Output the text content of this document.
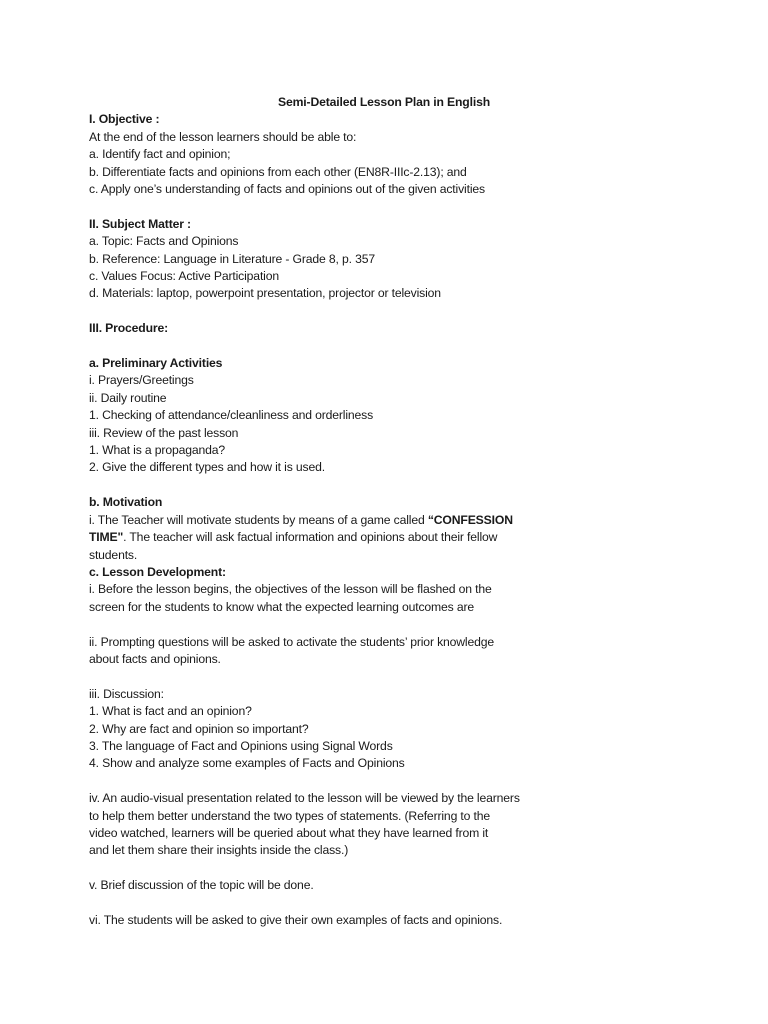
Semi-Detailed Lesson Plan in English
I. Objective :
At the end of the lesson learners should be able to:
a. Identify fact and opinion;
b. Differentiate facts and opinions from each other (EN8R-IIIc-2.13); and
c. Apply one’s understanding of facts and opinions out of the given activities
II. Subject Matter :
a. Topic: Facts and Opinions
b. Reference: Language in Literature - Grade 8, p. 357
c. Values Focus: Active Participation
d. Materials: laptop, powerpoint presentation, projector or television
III. Procedure:
a. Preliminary Activities
i. Prayers/Greetings
ii. Daily routine
1. Checking of attendance/cleanliness and orderliness
iii. Review of the past lesson
1. What is a propaganda?
2. Give the different types and how it is used.
b. Motivation
i. The Teacher will motivate students by means of a game called “CONFESSION
TIME". The teacher will ask factual information and opinions about their fellow
students.
c. Lesson Development:
i. Before the lesson begins, the objectives of the lesson will be flashed on the
screen for the students to know what the expected learning outcomes are
ii. Prompting questions will be asked to activate the students’ prior knowledge
about facts and opinions.
iii. Discussion:
1. What is fact and an opinion?
2. Why are fact and opinion so important?
3. The language of Fact and Opinions using Signal Words
4. Show and analyze some examples of Facts and Opinions
iv. An audio-visual presentation related to the lesson will be viewed by the learners
to help them better understand the two types of statements. (Referring to the
video watched, learners will be queried about what they have learned from it
and let them share their insights inside the class.)
v. Brief discussion of the topic will be done.
vi. The students will be asked to give their own examples of facts and opinions.
